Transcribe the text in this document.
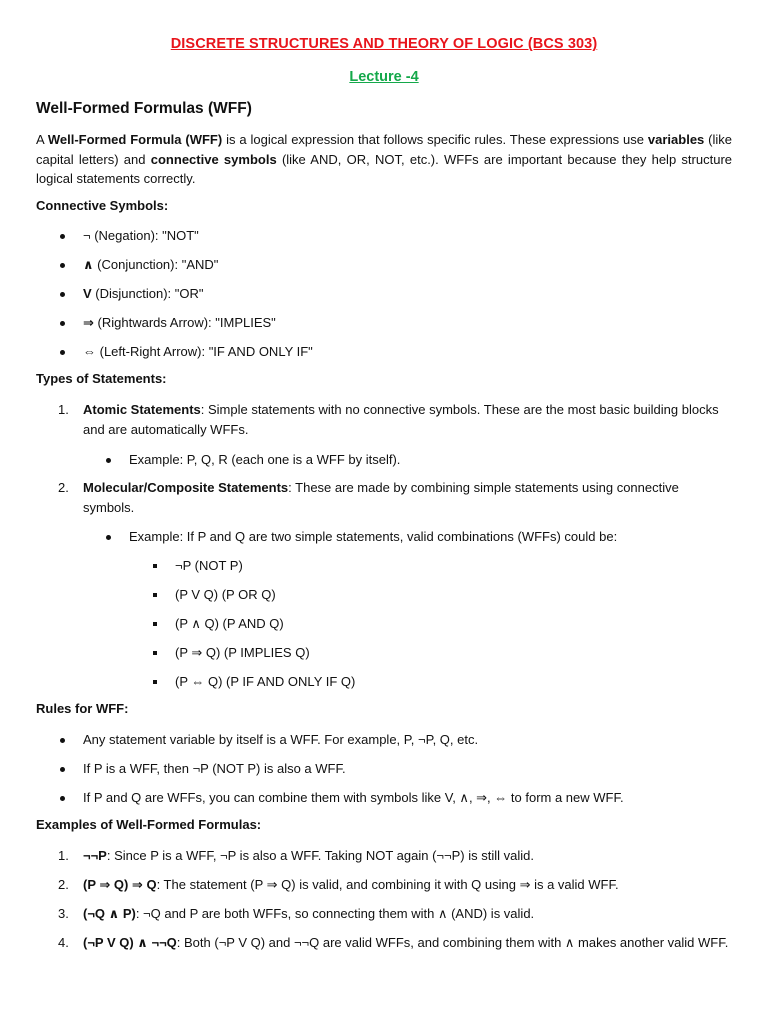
DISCRETE STRUCTURES AND THEORY OF LOGIC (BCS 303)
Lecture -4
Well-Formed Formulas (WFF)
A Well-Formed Formula (WFF) is a logical expression that follows specific rules. These expressions use variables (like capital letters) and connective symbols (like AND, OR, NOT, etc.). WFFs are important because they help structure logical statements correctly.
Connective Symbols:
¬ (Negation): "NOT"
∧ (Conjunction): "AND"
V (Disjunction): "OR"
⇒ (Rightwards Arrow): "IMPLIES"
⇔ (Left-Right Arrow): "IF AND ONLY IF"
Types of Statements:
1. Atomic Statements: Simple statements with no connective symbols. These are the most basic building blocks and are automatically WFFs.
Example: P, Q, R (each one is a WFF by itself).
2. Molecular/Composite Statements: These are made by combining simple statements using connective symbols.
Example: If P and Q are two simple statements, valid combinations (WFFs) could be:
¬P (NOT P)
(P V Q) (P OR Q)
(P ∧ Q) (P AND Q)
(P ⇒ Q) (P IMPLIES Q)
(P ⇔ Q) (P IF AND ONLY IF Q)
Rules for WFF:
Any statement variable by itself is a WFF. For example, P, ¬P, Q, etc.
If P is a WFF, then ¬P (NOT P) is also a WFF.
If P and Q are WFFs, you can combine them with symbols like V, ∧, ⇒, ⇔ to form a new WFF.
Examples of Well-Formed Formulas:
1. ¬¬P: Since P is a WFF, ¬P is also a WFF. Taking NOT again (¬¬P) is still valid.
2. (P ⇒ Q) ⇒ Q: The statement (P ⇒ Q) is valid, and combining it with Q using ⇒ is a valid WFF.
3. (¬Q ∧ P): ¬Q and P are both WFFs, so connecting them with ∧ (AND) is valid.
4. (¬P V Q) ∧ ¬¬Q: Both (¬P V Q) and ¬¬Q are valid WFFs, and combining them with ∧ makes another valid WFF.
